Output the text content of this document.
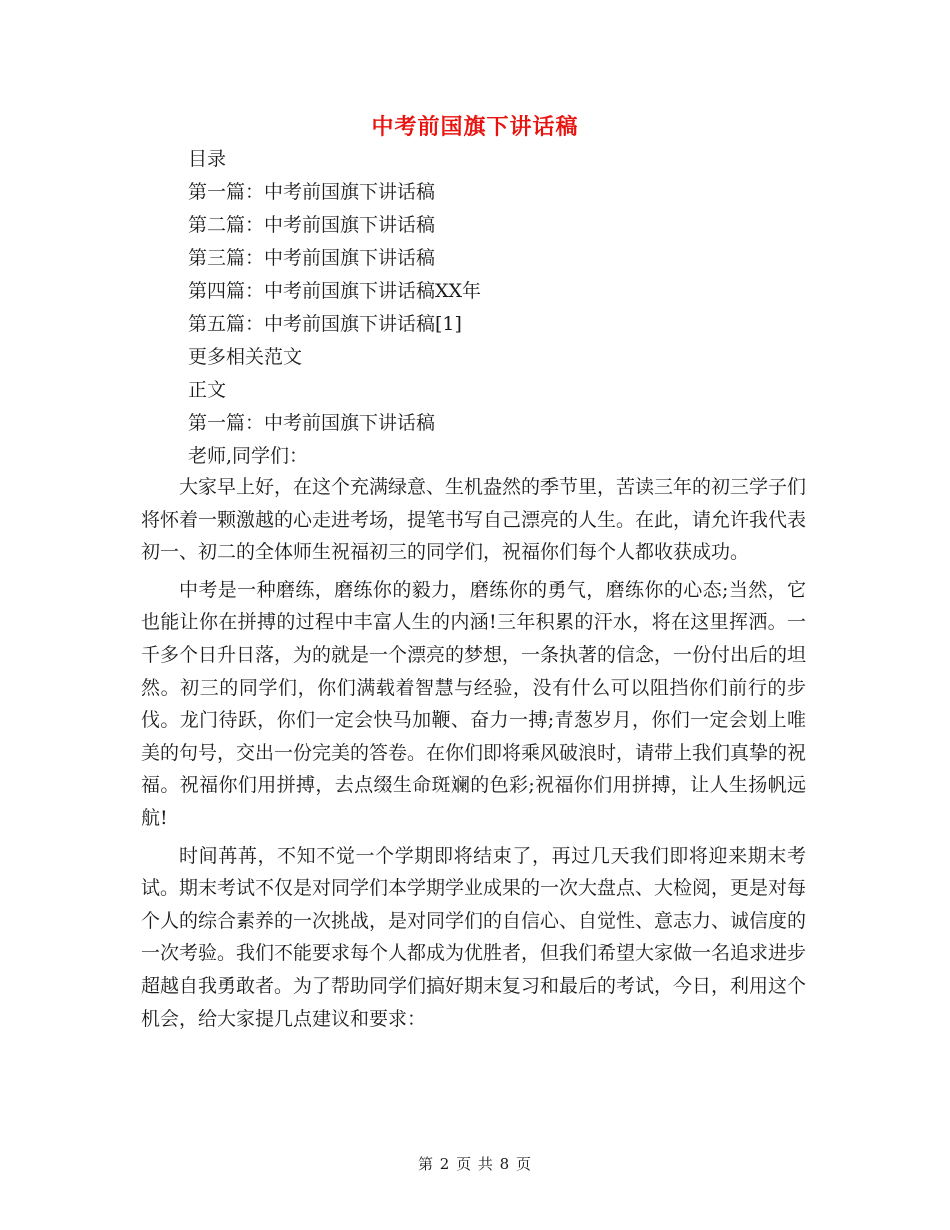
中考前国旗下讲话稿
目录
第一篇：中考前国旗下讲话稿
第二篇：中考前国旗下讲话稿
第三篇：中考前国旗下讲话稿
第四篇：中考前国旗下讲话稿XX年
第五篇：中考前国旗下讲话稿[1]
更多相关范文
正文
第一篇：中考前国旗下讲话稿
老师,同学们：

大家早上好，在这个充满绿意、生机盎然的季节里，苦读三年的初三学子们将怀着一颗激越的心走进考场，提笔书写自己漂亮的人生。在此，请允许我代表初一、初二的全体师生祝福初三的同学们，祝福你们每个人都收获成功。

中考是一种磨练，磨练你的毅力，磨练你的勇气，磨练你的心态;当然，它也能让你在拼搏的过程中丰富人生的内涵!三年积累的汗水，将在这里挥洒。一千多个日升日落，为的就是一个漂亮的梦想，一条执著的信念，一份付出后的坦然。初三的同学们，你们满载着智慧与经验，没有什么可以阻挡你们前行的步伐。龙门待跃，你们一定会快马加鞭、奋力一搏;青葱岁月，你们一定会划上唯美的句号，交出一份完美的答卷。在你们即将乘风破浪时，请带上我们真挚的祝福。祝福你们用拼搏，去点缀生命斑斓的色彩;祝福你们用拼搏，让人生扬帆远航!

时间苒苒，不知不觉一个学期即将结束了，再过几天我们即将迎来期末考试。期末考试不仅是对同学们本学期学业成果的一次大盘点、大检阅，更是对每个人的综合素养的一次挑战，是对同学们的自信心、自觉性、意志力、诚信度的一次考验。我们不能要求每个人都成为优胜者，但我们希望大家做一名追求进步超越自我勇敢者。为了帮助同学们搞好期末复习和最后的考试，今日，利用这个机会，给大家提几点建议和要求：

第 2 页 共 8 页
